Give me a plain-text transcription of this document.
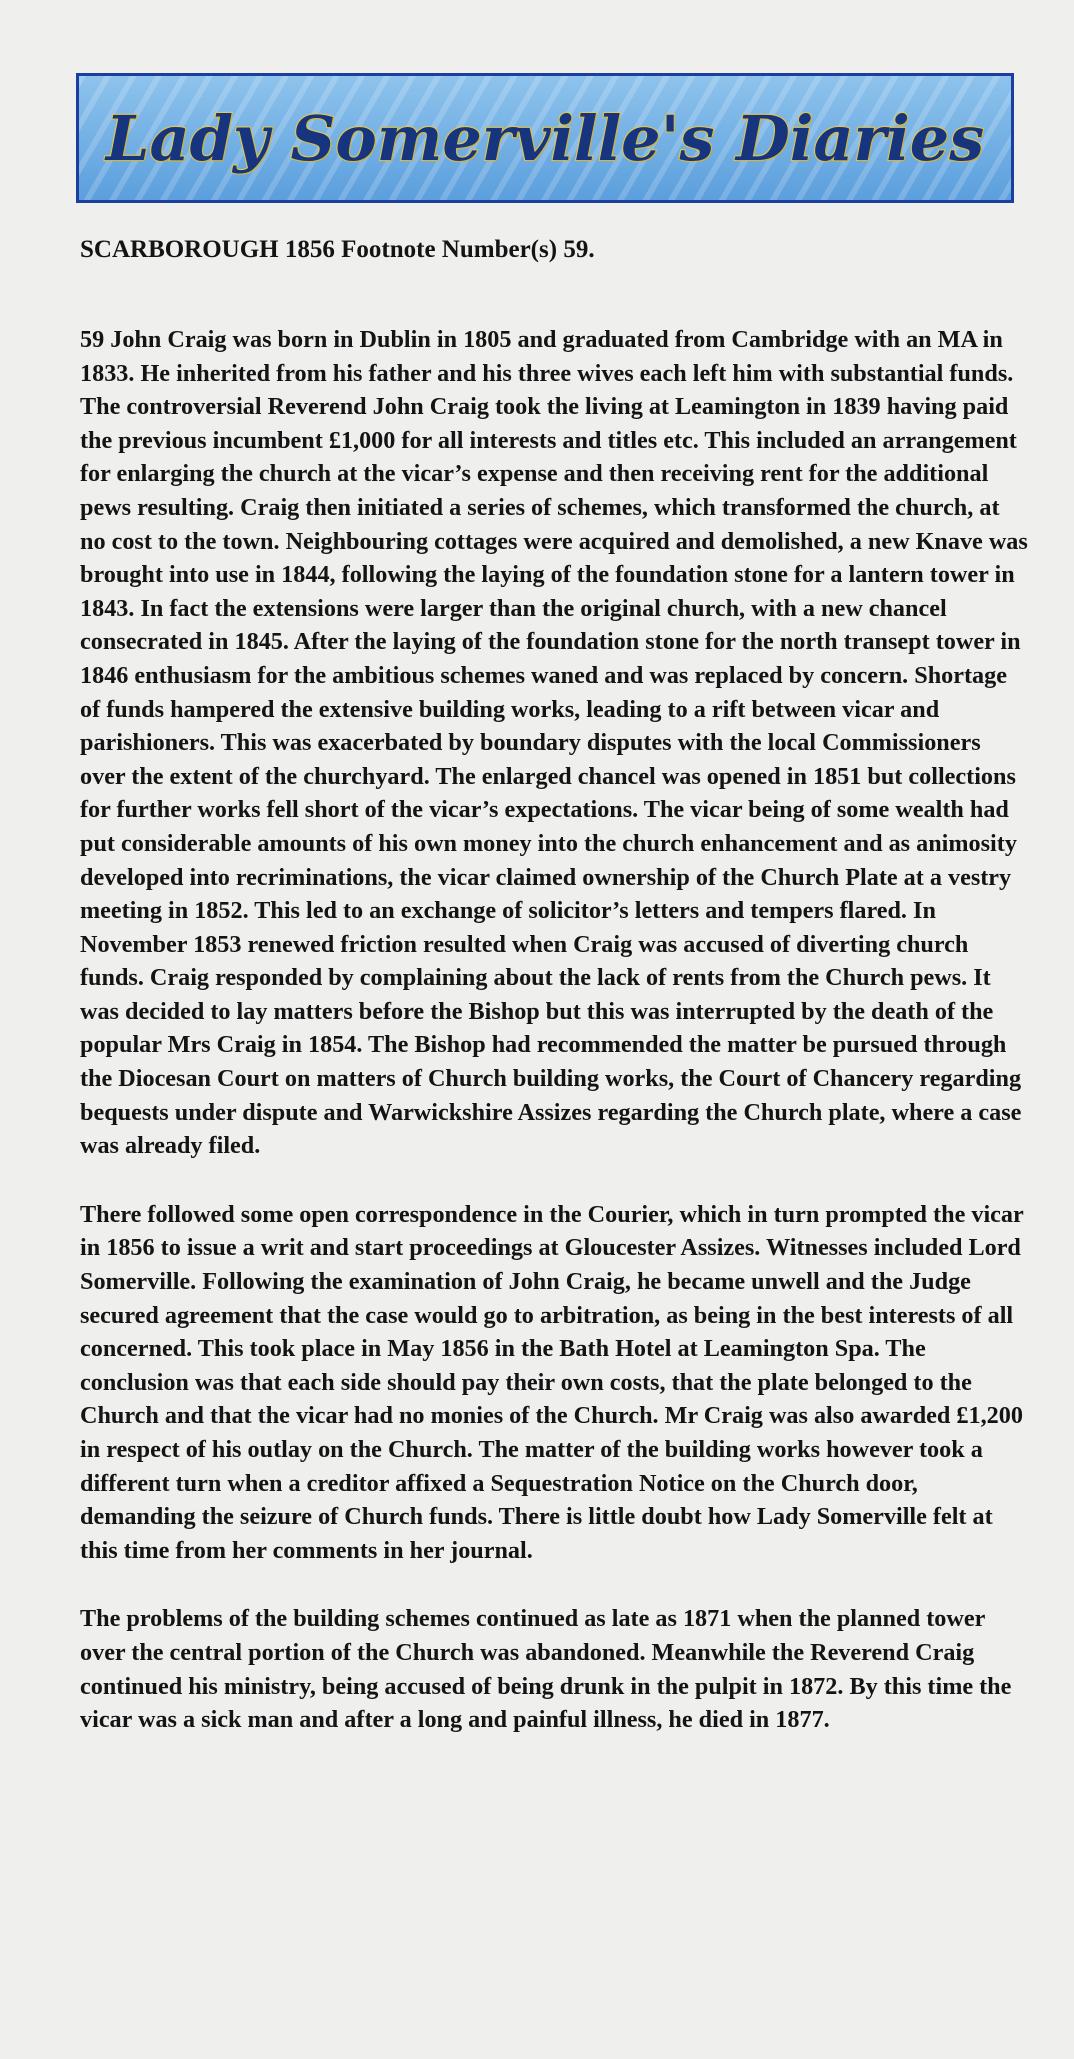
Lady Somerville's Diaries
SCARBOROUGH 1856 Footnote Number(s) 59.

59 John Craig was born in Dublin in 1805 and graduated from Cambridge with an MA in 1833. He inherited from his father and his three wives each left him with substantial funds. The controversial Reverend John Craig took the living at Leamington in 1839 having paid the previous incumbent £1,000 for all interests and titles etc. This included an arrangement for enlarging the church at the vicar’s expense and then receiving rent for the additional pews resulting. Craig then initiated a series of schemes, which transformed the church, at no cost to the town. Neighbouring cottages were acquired and demolished, a new Knave was brought into use in 1844, following the laying of the foundation stone for a lantern tower in 1843. In fact the extensions were larger than the original church, with a new chancel consecrated in 1845. After the laying of the foundation stone for the north transept tower in 1846 enthusiasm for the ambitious schemes waned and was replaced by concern. Shortage of funds hampered the extensive building works, leading to a rift between vicar and parishioners. This was exacerbated by boundary disputes with the local Commissioners over the extent of the churchyard. The enlarged chancel was opened in 1851 but collections for further works fell short of the vicar’s expectations. The vicar being of some wealth had put considerable amounts of his own money into the church enhancement and as animosity developed into recriminations, the vicar claimed ownership of the Church Plate at a vestry meeting in 1852. This led to an exchange of solicitor’s letters and tempers flared. In November 1853 renewed friction resulted when Craig was accused of diverting church funds. Craig responded by complaining about the lack of rents from the Church pews. It was decided to lay matters before the Bishop but this was interrupted by the death of the popular Mrs Craig in 1854. The Bishop had recommended the matter be pursued through the Diocesan Court on matters of Church building works, the Court of Chancery regarding bequests under dispute and Warwickshire Assizes regarding the Church plate, where a case was already filed.

There followed some open correspondence in the Courier, which in turn prompted the vicar in 1856 to issue a writ and start proceedings at Gloucester Assizes. Witnesses included Lord Somerville. Following the examination of John Craig, he became unwell and the Judge secured agreement that the case would go to arbitration, as being in the best interests of all concerned. This took place in May 1856 in the Bath Hotel at Leamington Spa. The conclusion was that each side should pay their own costs, that the plate belonged to the Church and that the vicar had no monies of the Church. Mr Craig was also awarded £1,200 in respect of his outlay on the Church. The matter of the building works however took a different turn when a creditor affixed a Sequestration Notice on the Church door, demanding the seizure of Church funds. There is little doubt how Lady Somerville felt at this time from her comments in her journal.

The problems of the building schemes continued as late as 1871 when the planned tower over the central portion of the Church was abandoned. Meanwhile the Reverend Craig continued his ministry, being accused of being drunk in the pulpit in 1872. By this time the vicar was a sick man and after a long and painful illness, he died in 1877.
